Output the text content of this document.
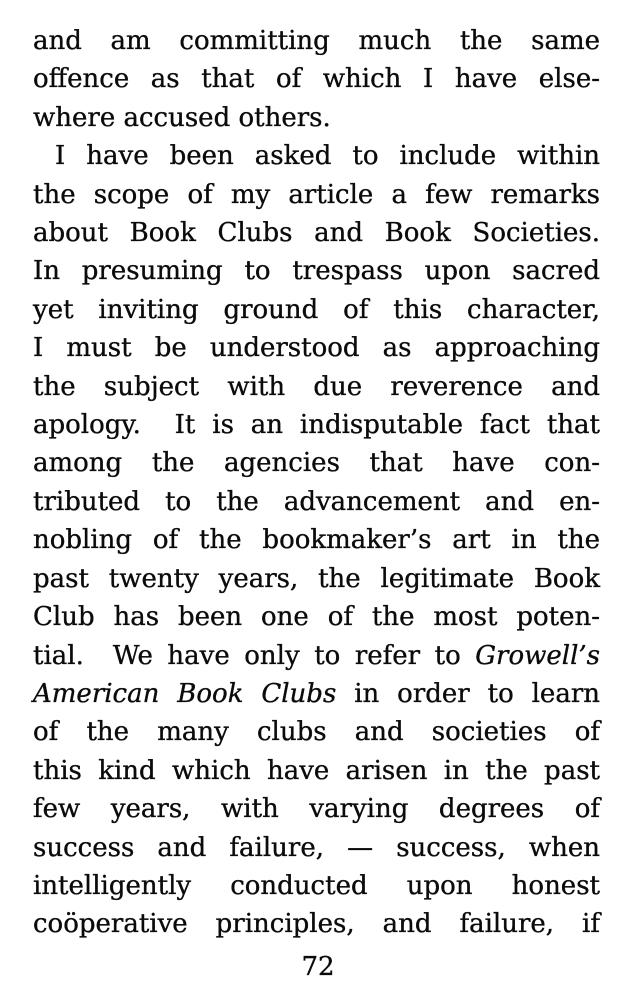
and am committing much the same
offence as that of which I have else-
where accused others.
I have been asked to include within
the scope of my article a few remarks
about Book Clubs and Book Societies.
In presuming to trespass upon sacred
yet inviting ground of this character,
I must be understood as approaching
the subject with due reverence and
apology.  It is an indisputable fact that
among the agencies that have con-
tributed to the advancement and en-
nobling of the bookmaker’s art in the
past twenty years, the legitimate Book
Club has been one of the most poten-
tial.  We have only to refer to Growell’s
American Book Clubs in order to learn
of the many clubs and societies of
this kind which have arisen in the past
few years, with varying degrees of
success and failure, — success, when
intelligently conducted upon honest
coöperative principles, and failure, if
72
